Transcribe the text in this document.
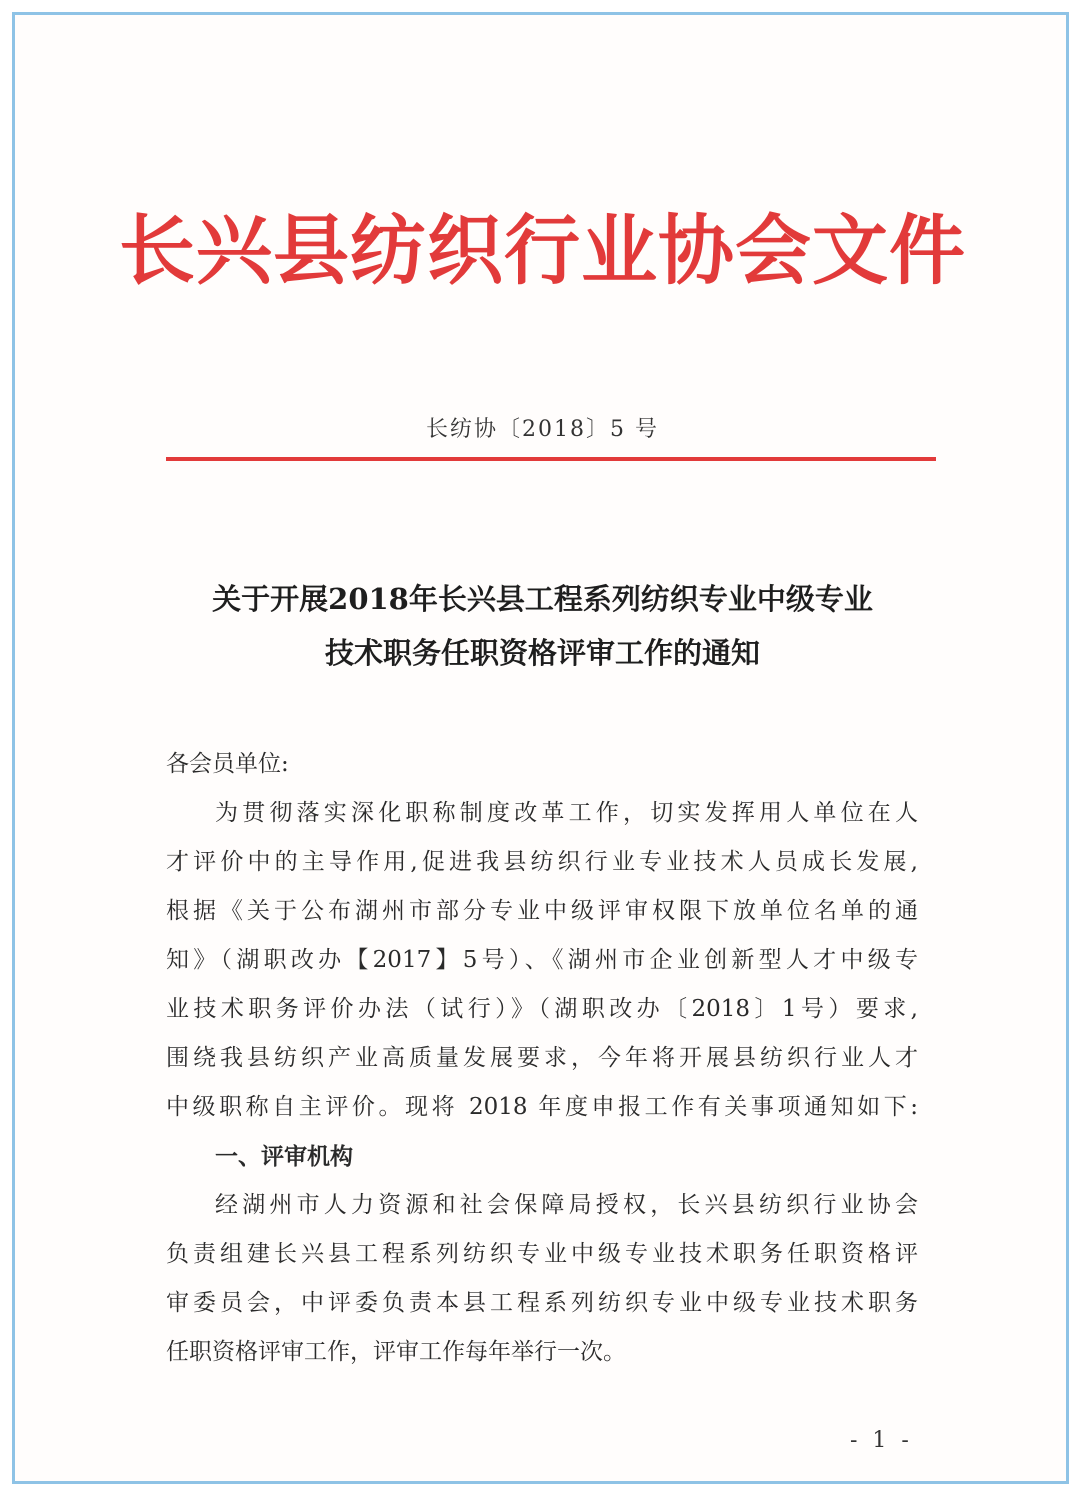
长兴县纺织行业协会文件
长纺协〔2018〕5 号
关于开展2018年长兴县工程系列纺织专业中级专业
技术职务任职资格评审工作的通知
各会员单位:
为贯彻落实深化职称制度改革工作，切实发挥用人单位在人
才评价中的主导作用,促进我县纺织行业专业技术人员成长发展,
根据《关于公布湖州市部分专业中级评审权限下放单位名单的通
知》（湖职改办【2017】5号）、《湖州市企业创新型人才中级专
业技术职务评价办法（试行）》（湖职改办〔2018〕1号）要求,
围绕我县纺织产业高质量发展要求，今年将开展县纺织行业人才
中级职称自主评价。现将 2018 年度申报工作有关事项通知如下:
一、评审机构
经湖州市人力资源和社会保障局授权，长兴县纺织行业协会
负责组建长兴县工程系列纺织专业中级专业技术职务任职资格评
审委员会，中评委负责本县工程系列纺织专业中级专业技术职务
任职资格评审工作，评审工作每年举行一次。
- 1 -
